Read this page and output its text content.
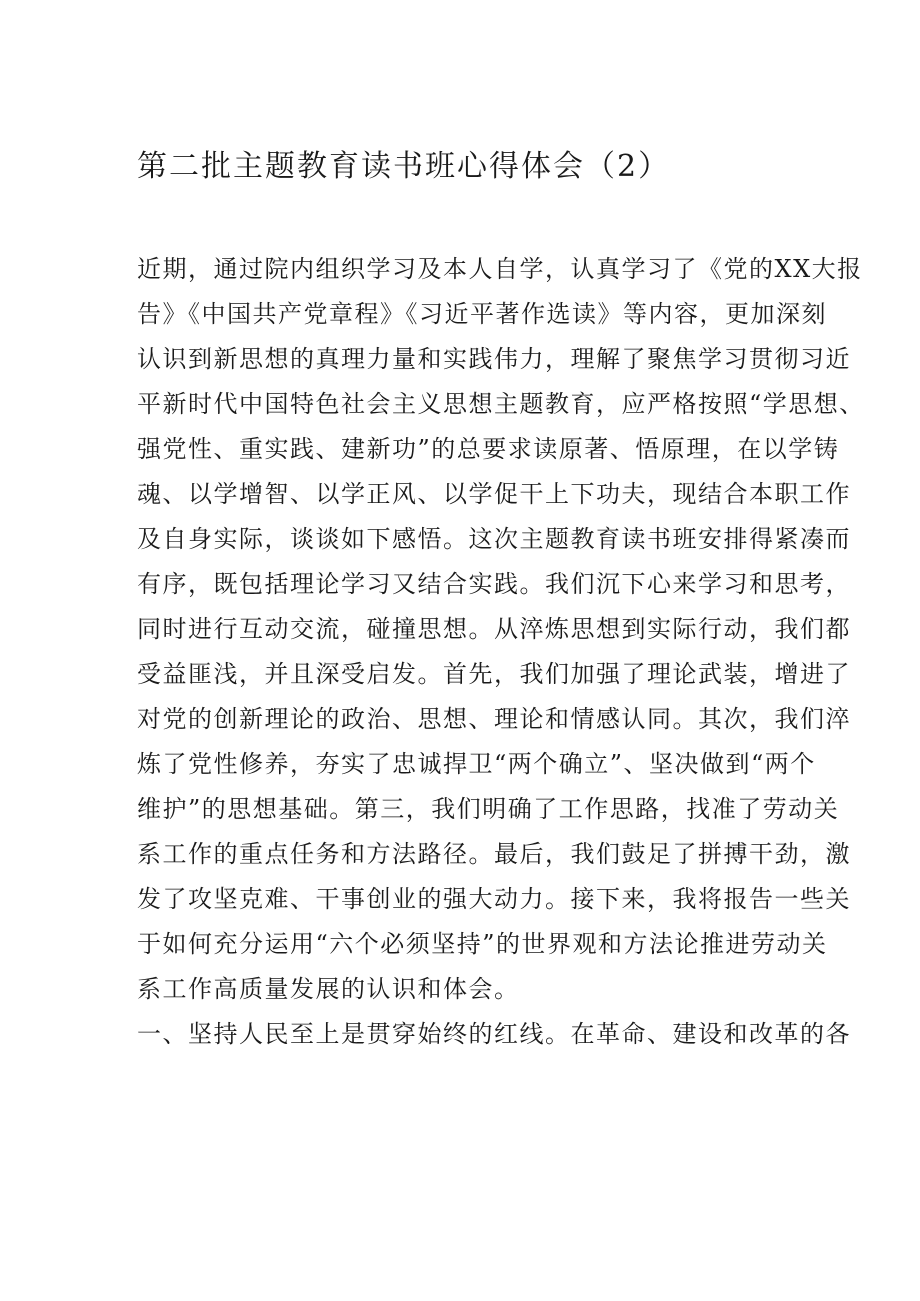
第二批主题教育读书班心得体会（2）
近期，通过院内组织学习及本人自学，认真学习了《党的XX大报
告》《中国共产党章程》《习近平著作选读》等内容，更加深刻
认识到新思想的真理力量和实践伟力，理解了聚焦学习贯彻习近
平新时代中国特色社会主义思想主题教育，应严格按照“学思想、
强党性、重实践、建新功”的总要求读原著、悟原理，在以学铸
魂、以学增智、以学正风、以学促干上下功夫，现结合本职工作
及自身实际，谈谈如下感悟。这次主题教育读书班安排得紧凑而
有序，既包括理论学习又结合实践。我们沉下心来学习和思考，
同时进行互动交流，碰撞思想。从淬炼思想到实际行动，我们都
受益匪浅，并且深受启发。首先，我们加强了理论武装，增进了
对党的创新理论的政治、思想、理论和情感认同。其次，我们淬
炼了党性修养，夯实了忠诚捍卫“两个确立”、坚决做到“两个
维护”的思想基础。第三，我们明确了工作思路，找准了劳动关
系工作的重点任务和方法路径。最后，我们鼓足了拼搏干劲，激
发了攻坚克难、干事创业的强大动力。接下来，我将报告一些关
于如何充分运用“六个必须坚持”的世界观和方法论推进劳动关
系工作高质量发展的认识和体会。
一、坚持人民至上是贯穿始终的红线。在革命、建设和改革的各
